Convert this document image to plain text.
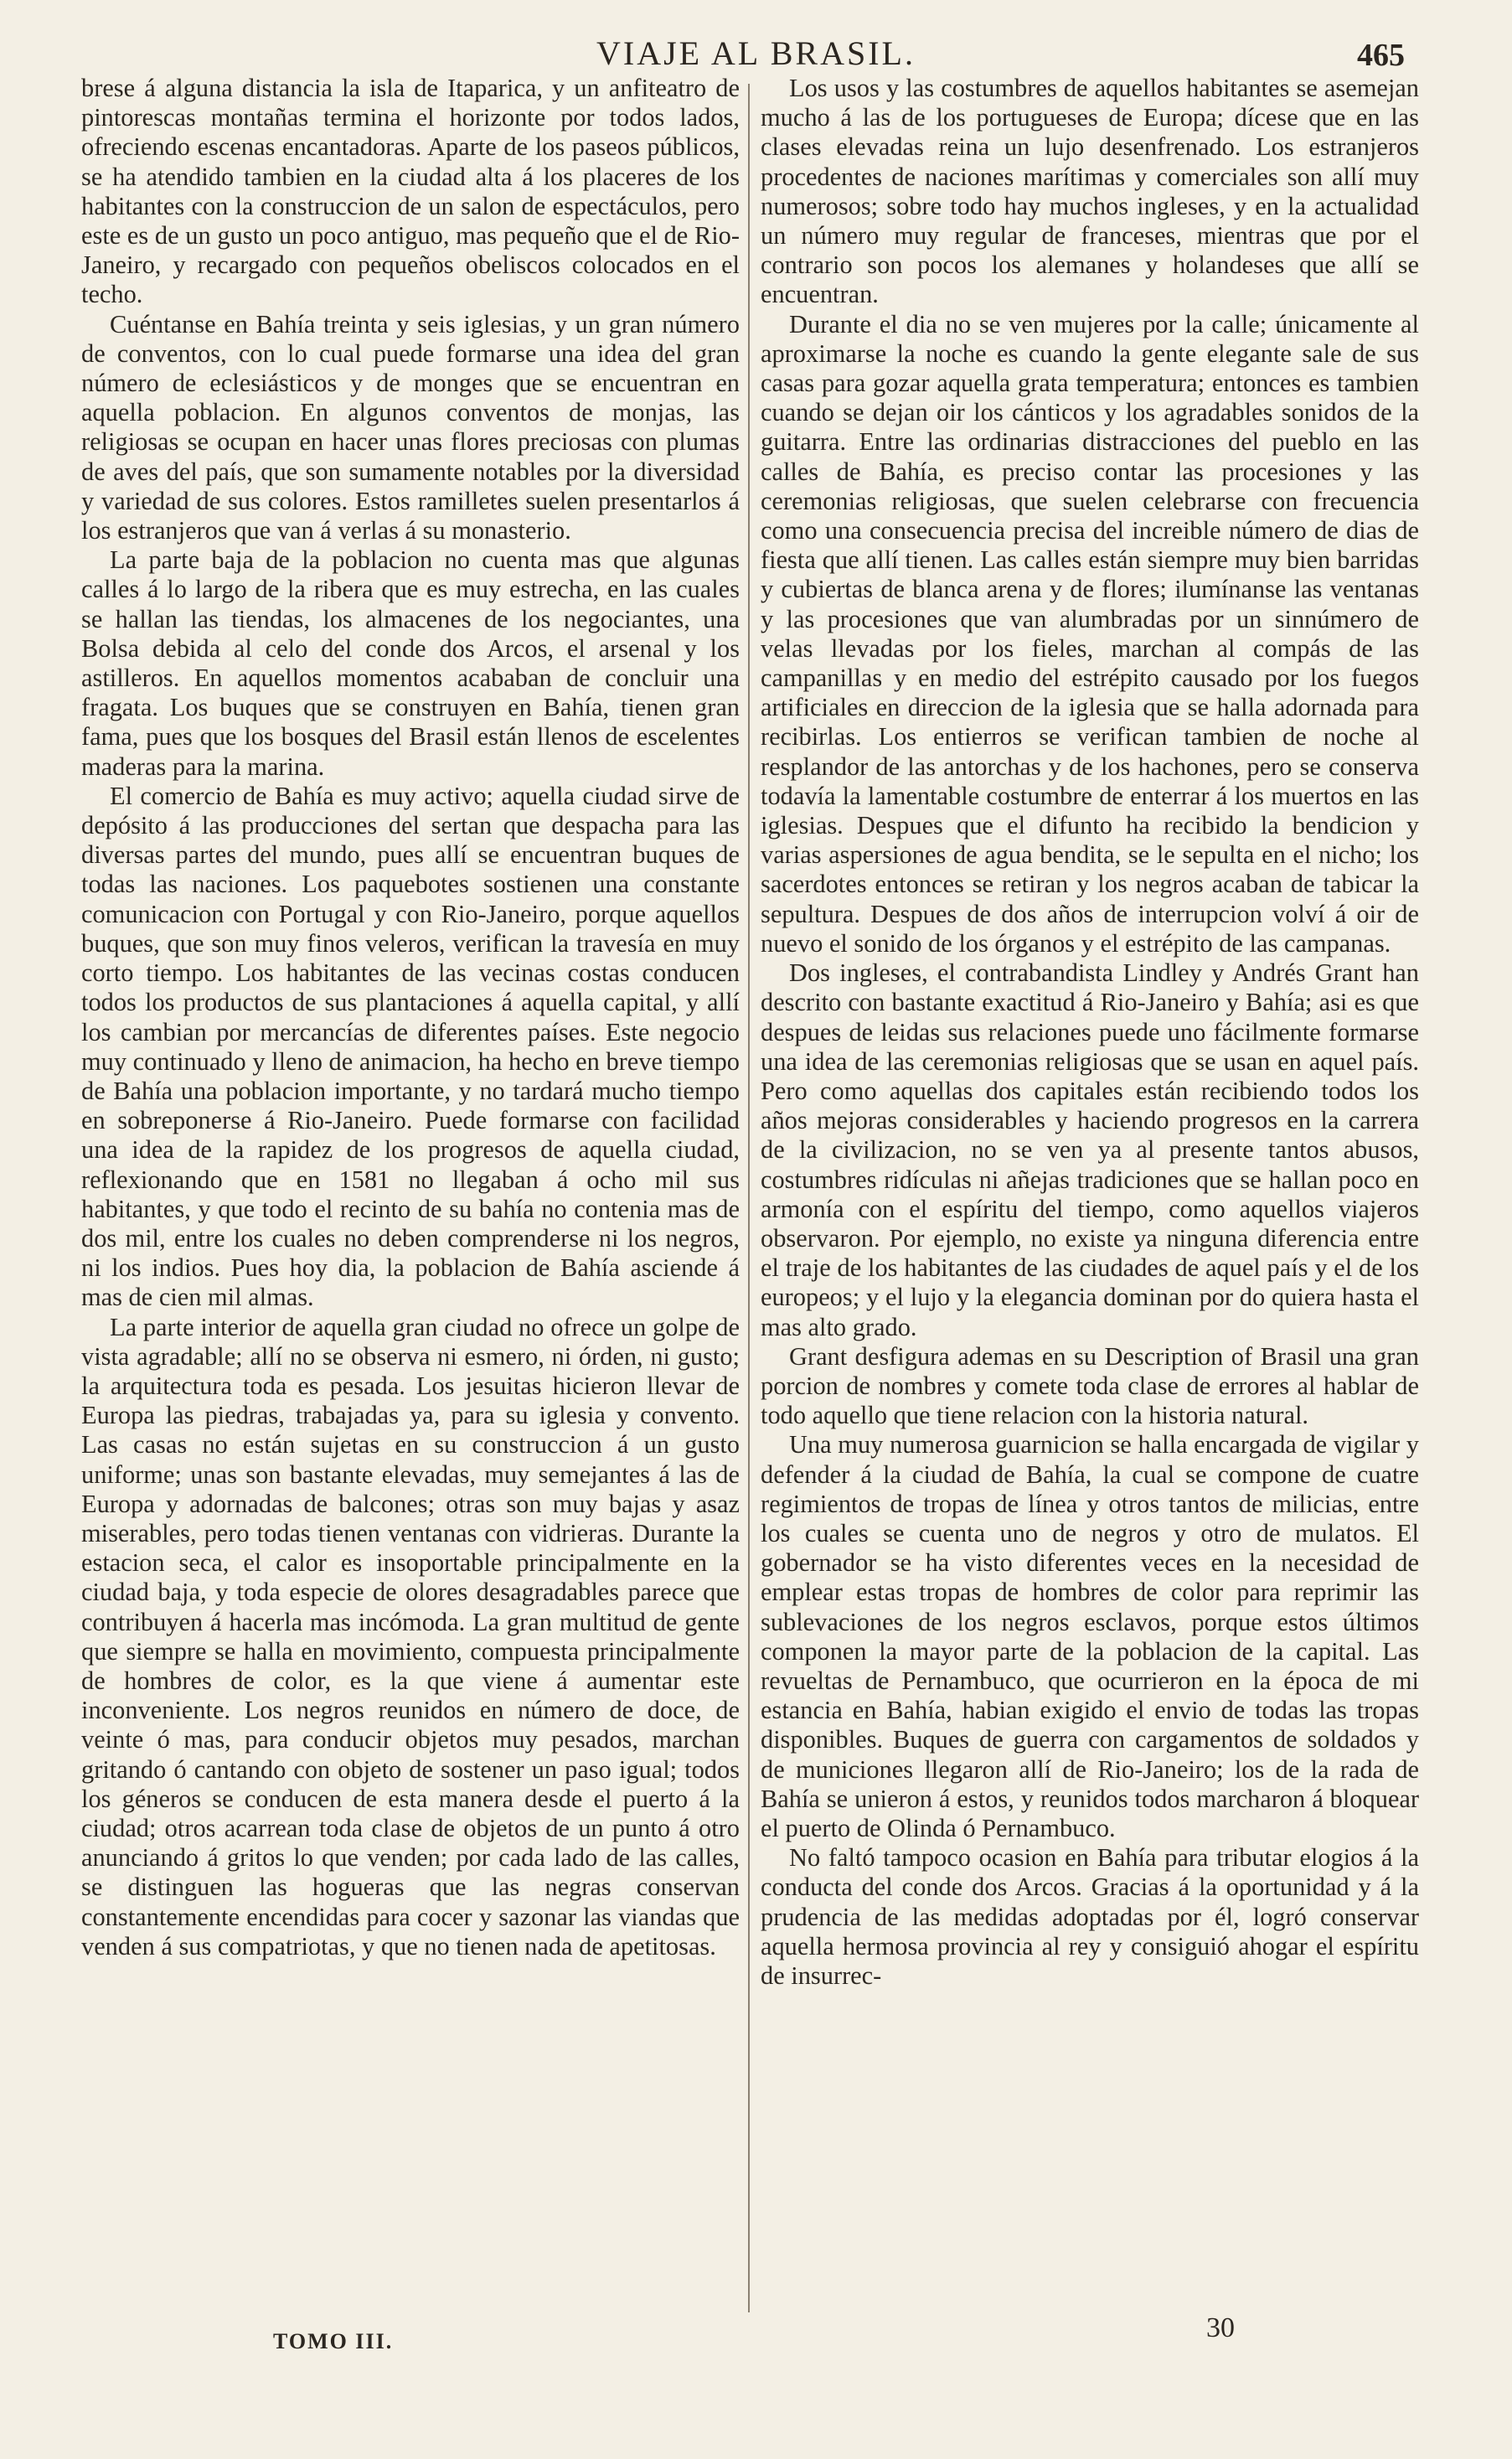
VIAJE AL BRASIL.	465

brese á alguna distancia la isla de Itaparica, y un anfiteatro de pintorescas montañas termina el horizonte por todos lados, ofreciendo escenas encantadoras. Aparte de los paseos públicos, se ha atendido tambien en la ciudad alta á los placeres de los habitantes con la construccion de un salon de espectáculos, pero este es de un gusto un poco antiguo, mas pequeño que el de Rio-Janeiro, y recargado con pequeños obeliscos colocados en el techo.

Cuéntanse en Bahía treinta y seis iglesias, y un gran número de conventos, con lo cual puede formarse una idea del gran número de eclesiásticos y de monges que se encuentran en aquella poblacion. En algunos conventos de monjas, las religiosas se ocupan en hacer unas flores preciosas con plumas de aves del país, que son sumamente notables por la diversidad y variedad de sus colores. Estos ramilletes suelen presentarlos á los estranjeros que van á verlas á su monasterio.

La parte baja de la poblacion no cuenta mas que algunas calles á lo largo de la ribera que es muy estrecha, en las cuales se hallan las tiendas, los almacenes de los negociantes, una Bolsa debida al celo del conde dos Arcos, el arsenal y los astilleros. En aquellos momentos acababan de concluir una fragata. Los buques que se construyen en Bahía, tienen gran fama, pues que los bosques del Brasil están llenos de escelentes maderas para la marina.

El comercio de Bahía es muy activo; aquella ciudad sirve de depósito á las producciones del sertan que despacha para las diversas partes del mundo, pues allí se encuentran buques de todas las naciones. Los paquebotes sostienen una constante comunicacion con Portugal y con Rio-Janeiro, porque aquellos buques, que son muy finos veleros, verifican la travesía en muy corto tiempo. Los habitantes de las vecinas costas conducen todos los productos de sus plantaciones á aquella capital, y allí los cambian por mercancías de diferentes países. Este negocio muy continuado y lleno de animacion, ha hecho en breve tiempo de Bahía una poblacion importante, y no tardará mucho tiempo en sobreponerse á Rio-Janeiro. Puede formarse con facilidad una idea de la rapidez de los progresos de aquella ciudad, reflexionando que en 1581 no llegaban á ocho mil sus habitantes, y que todo el recinto de su bahía no contenia mas de dos mil, entre los cuales no deben comprenderse ni los negros, ni los indios. Pues hoy dia, la poblacion de Bahía asciende á mas de cien mil almas.

La parte interior de aquella gran ciudad no ofrece un golpe de vista agradable; allí no se observa ni esmero, ni órden, ni gusto; la arquitectura toda es pesada. Los jesuitas hicieron llevar de Europa las piedras, trabajadas ya, para su iglesia y convento. Las casas no están sujetas en su construccion á un gusto uniforme; unas son bastante elevadas, muy semejantes á las de Europa y adornadas de balcones; otras son muy bajas y asaz miserables, pero todas tienen ventanas con vidrieras. Durante la estacion seca, el calor es insoportable principalmente en la ciudad baja, y toda especie de olores desagradables parece que contribuyen á hacerla mas incómoda. La gran multitud de gente que siempre se halla en movimiento, compuesta principalmente de hombres de color, es la que viene á aumentar este inconveniente. Los negros reunidos en número de doce, de veinte ó mas, para conducir objetos muy pesados, marchan gritando ó cantando con objeto de sostener un paso igual; todos los géneros se conducen de esta manera desde el puerto á la ciudad; otros acarrean toda clase de objetos de un punto á otro anunciando á gritos lo que venden; por cada lado de las calles, se distinguen las hogueras que las negras conservan constantemente encendidas para cocer y sazonar las viandas que venden á sus compatriotas, y que no tienen nada de apetitosas.

Los usos y las costumbres de aquellos habitantes se asemejan mucho á las de los portugueses de Europa; dícese que en las clases elevadas reina un lujo desenfrenado. Los estranjeros procedentes de naciones marítimas y comerciales son allí muy numerosos; sobre todo hay muchos ingleses, y en la actualidad un número muy regular de franceses, mientras que por el contrario son pocos los alemanes y holandeses que allí se encuentran.

Durante el dia no se ven mujeres por la calle; únicamente al aproximarse la noche es cuando la gente elegante sale de sus casas para gozar aquella grata temperatura; entonces es tambien cuando se dejan oir los cánticos y los agradables sonidos de la guitarra. Entre las ordinarias distracciones del pueblo en las calles de Bahía, es preciso contar las procesiones y las ceremonias religiosas, que suelen celebrarse con frecuencia como una consecuencia precisa del increible número de dias de fiesta que allí tienen. Las calles están siempre muy bien barridas y cubiertas de blanca arena y de flores; ilumínanse las ventanas y las procesiones que van alumbradas por un sinnúmero de velas llevadas por los fieles, marchan al compás de las campanillas y en medio del estrépito causado por los fuegos artificiales en direccion de la iglesia que se halla adornada para recibirlas. Los entierros se verifican tambien de noche al resplandor de las antorchas y de los hachones, pero se conserva todavía la lamentable costumbre de enterrar á los muertos en las iglesias. Despues que el difunto ha recibido la bendicion y varias aspersiones de agua bendita, se le sepulta en el nicho; los sacerdotes entonces se retiran y los negros acaban de tabicar la sepultura. Despues de dos años de interrupcion volví á oir de nuevo el sonido de los órganos y el estrépito de las campanas.

Dos ingleses, el contrabandista Lindley y Andrés Grant han descrito con bastante exactitud á Rio-Janeiro y Bahía; asi es que despues de leidas sus relaciones puede uno fácilmente formarse una idea de las ceremonias religiosas que se usan en aquel país. Pero como aquellas dos capitales están recibiendo todos los años mejoras considerables y haciendo progresos en la carrera de la civilizacion, no se ven ya al presente tantos abusos, costumbres ridículas ni añejas tradiciones que se hallan poco en armonía con el espíritu del tiempo, como aquellos viajeros observaron. Por ejemplo, no existe ya ninguna diferencia entre el traje de los habitantes de las ciudades de aquel país y el de los europeos; y el lujo y la elegancia dominan por do quiera hasta el mas alto grado.

Grant desfigura ademas en su Description of Brasil una gran porcion de nombres y comete toda clase de errores al hablar de todo aquello que tiene relacion con la historia natural.

Una muy numerosa guarnicion se halla encargada de vigilar y defender á la ciudad de Bahía, la cual se compone de cuatre regimientos de tropas de línea y otros tantos de milicias, entre los cuales se cuenta uno de negros y otro de mulatos. El gobernador se ha visto diferentes veces en la necesidad de emplear estas tropas de hombres de color para reprimir las sublevaciones de los negros esclavos, porque estos últimos componen la mayor parte de la poblacion de la capital. Las revueltas de Pernambuco, que ocurrieron en la época de mi estancia en Bahía, habian exigido el envio de todas las tropas disponibles. Buques de guerra con cargamentos de soldados y de municiones llegaron allí de Rio-Janeiro; los de la rada de Bahía se unieron á estos, y reunidos todos marcharon á bloquear el puerto de Olinda ó Pernambuco.

No faltó tampoco ocasion en Bahía para tributar elogios á la conducta del conde dos Arcos. Gracias á la oportunidad y á la prudencia de las medidas adoptadas por él, logró conservar aquella hermosa provincia al rey y consiguió ahogar el espíritu de insurrec-

TOMO III.	30
